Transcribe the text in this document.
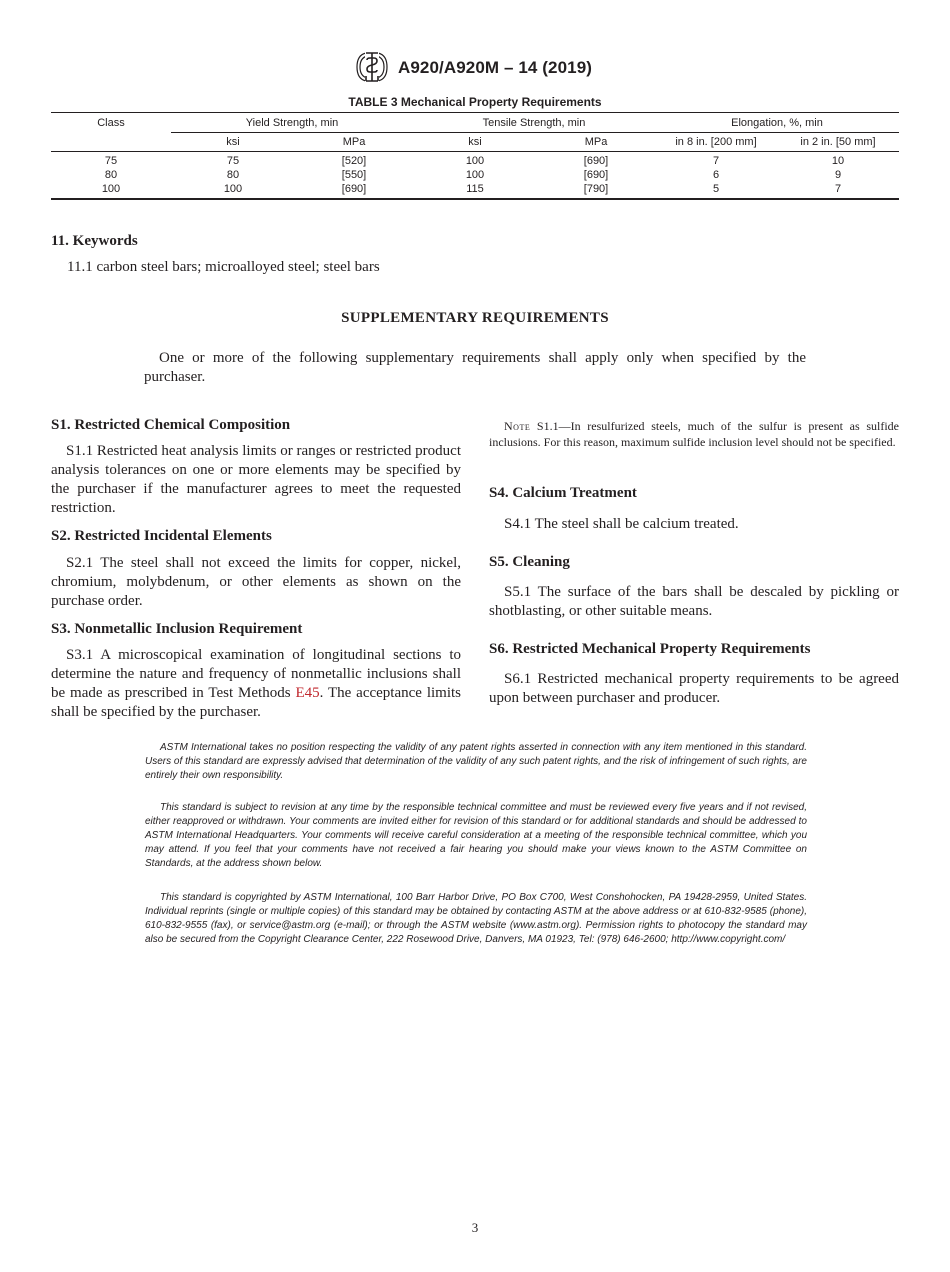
A920/A920M – 14 (2019)
TABLE 3 Mechanical Property Requirements
Class	Yield Strength, min		Tensile Strength, min		Elongation, %, min	
	ksi	MPa	ksi	MPa	in 8 in. [200 mm]	in 2 in. [50 mm]
75	75	[520]	100	[690]	7	10
80	80	[550]	100	[690]	6	9
100	100	[690]	115	[790]	5	7
11. Keywords
11.1 carbon steel bars; microalloyed steel; steel bars
SUPPLEMENTARY REQUIREMENTS
One or more of the following supplementary requirements shall apply only when specified by the purchaser.
S1. Restricted Chemical Composition
S1.1 Restricted heat analysis limits or ranges or restricted product analysis tolerances on one or more elements may be specified by the purchaser if the manufacturer agrees to meet the requested restriction.
S2. Restricted Incidental Elements
S2.1 The steel shall not exceed the limits for copper, nickel, chromium, molybdenum, or other elements as shown on the purchase order.
S3. Nonmetallic Inclusion Requirement
S3.1 A microscopical examination of longitudinal sections to determine the nature and frequency of nonmetallic inclusions shall be made as prescribed in Test Methods E45. The acceptance limits shall be specified by the purchaser.
Note S1.1—In resulfurized steels, much of the sulfur is present as sulfide inclusions. For this reason, maximum sulfide inclusion level should not be specified.
S4. Calcium Treatment
S4.1 The steel shall be calcium treated.
S5. Cleaning
S5.1 The surface of the bars shall be descaled by pickling or shotblasting, or other suitable means.
S6. Restricted Mechanical Property Requirements
S6.1 Restricted mechanical property requirements to be agreed upon between purchaser and producer.
ASTM International takes no position respecting the validity of any patent rights asserted in connection with any item mentioned in this standard. Users of this standard are expressly advised that determination of the validity of any such patent rights, and the risk of infringement of such rights, are entirely their own responsibility.
This standard is subject to revision at any time by the responsible technical committee and must be reviewed every five years and if not revised, either reapproved or withdrawn. Your comments are invited either for revision of this standard or for additional standards and should be addressed to ASTM International Headquarters. Your comments will receive careful consideration at a meeting of the responsible technical committee, which you may attend. If you feel that your comments have not received a fair hearing you should make your views known to the ASTM Committee on Standards, at the address shown below.
This standard is copyrighted by ASTM International, 100 Barr Harbor Drive, PO Box C700, West Conshohocken, PA 19428-2959, United States. Individual reprints (single or multiple copies) of this standard may be obtained by contacting ASTM at the above address or at 610-832-9585 (phone), 610-832-9555 (fax), or service@astm.org (e-mail); or through the ASTM website (www.astm.org). Permission rights to photocopy the standard may also be secured from the Copyright Clearance Center, 222 Rosewood Drive, Danvers, MA 01923, Tel: (978) 646-2600; http://www.copyright.com/
3
